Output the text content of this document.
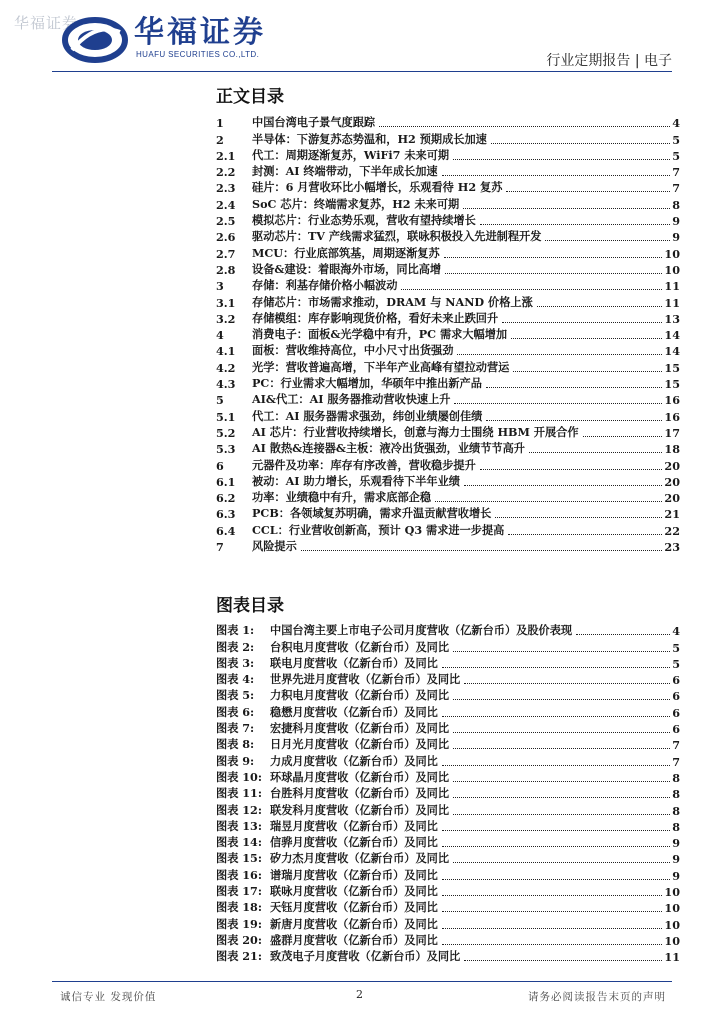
华福证券 华福证券
HUAFU SECURITIES CO.,LTD.	行业定期报告 | 电子
正文目录
1	中国台湾电子景气度跟踪	4
2	半导体：下游复苏态势温和，H2 预期成长加速	5
2.1	代工：周期逐渐复苏，WiFi7 未来可期	5
2.2	封测：AI 终端带动，下半年成长加速	7
2.3	硅片：6 月营收环比小幅增长，乐观看待 H2 复苏	7
2.4	SoC 芯片：终端需求复苏，H2 未来可期	8
2.5	模拟芯片：行业态势乐观，营收有望持续增长	9
2.6	驱动芯片：TV 产线需求猛烈，联咏积极投入先进制程开发	9
2.7	MCU：行业底部筑基，周期逐渐复苏	10
2.8	设备&建设：着眼海外市场，同比高增	10
3	存储：利基存储价格小幅波动	11
3.1	存储芯片：市场需求推动，DRAM 与 NAND 价格上涨	11
3.2	存储模组：库存影响现货价格，看好未来止跌回升	13
4	消费电子：面板&光学稳中有升，PC 需求大幅增加	14
4.1	面板：营收维持高位，中小尺寸出货强劲	14
4.2	光学：营收普遍高增，下半年产业高峰有望拉动营运	15
4.3	PC：行业需求大幅增加，华硕年中推出新产品	15
5	AI&代工：AI 服务器推动营收快速上升	16
5.1	代工：AI 服务器需求强劲，纬创业绩屡创佳绩	16
5.2	AI 芯片：行业营收持续增长，创意与海力士围绕 HBM 开展合作	17
5.3	AI 散热&连接器&主板：液冷出货强劲，业绩节节高升	18
6	元器件及功率：库存有序改善，营收稳步提升	20
6.1	被动：AI 助力增长，乐观看待下半年业绩	20
6.2	功率：业绩稳中有升，需求底部企稳	20
6.3	PCB：各领域复苏明确，需求升温贡献营收增长	21
6.4	CCL：行业营收创新高，预计 Q3 需求进一步提高	22
7	风险提示	23
图表目录
图表 1:	中国台湾主要上市电子公司月度营收（亿新台币）及股价表现	4
图表 2:	台积电月度营收（亿新台币）及同比	5
图表 3:	联电月度营收（亿新台币）及同比	5
图表 4:	世界先进月度营收（亿新台币）及同比	6
图表 5:	力积电月度营收（亿新台币）及同比	6
图表 6:	稳懋月度营收（亿新台币）及同比	6
图表 7:	宏捷科月度营收（亿新台币）及同比	6
图表 8:	日月光月度营收（亿新台币）及同比	7
图表 9:	力成月度营收（亿新台币）及同比	7
图表 10: 环球晶月度营收（亿新台币）及同比	8
图表 11: 台胜科月度营收（亿新台币）及同比	8
图表 12: 联发科月度营收（亿新台币）及同比	8
图表 13: 瑞昱月度营收（亿新台币）及同比	8
图表 14: 信骅月度营收（亿新台币）及同比	9
图表 15: 矽力杰月度营收（亿新台币）及同比	9
图表 16: 谱瑞月度营收（亿新台币）及同比	9
图表 17: 联咏月度营收（亿新台币）及同比	10
图表 18: 天钰月度营收（亿新台币）及同比	10
图表 19: 新唐月度营收（亿新台币）及同比	10
图表 20: 盛群月度营收（亿新台币）及同比	10
图表 21: 致茂电子月度营收（亿新台币）及同比	11
诚信专业 发现价值	2	请务必阅读报告末页的声明
